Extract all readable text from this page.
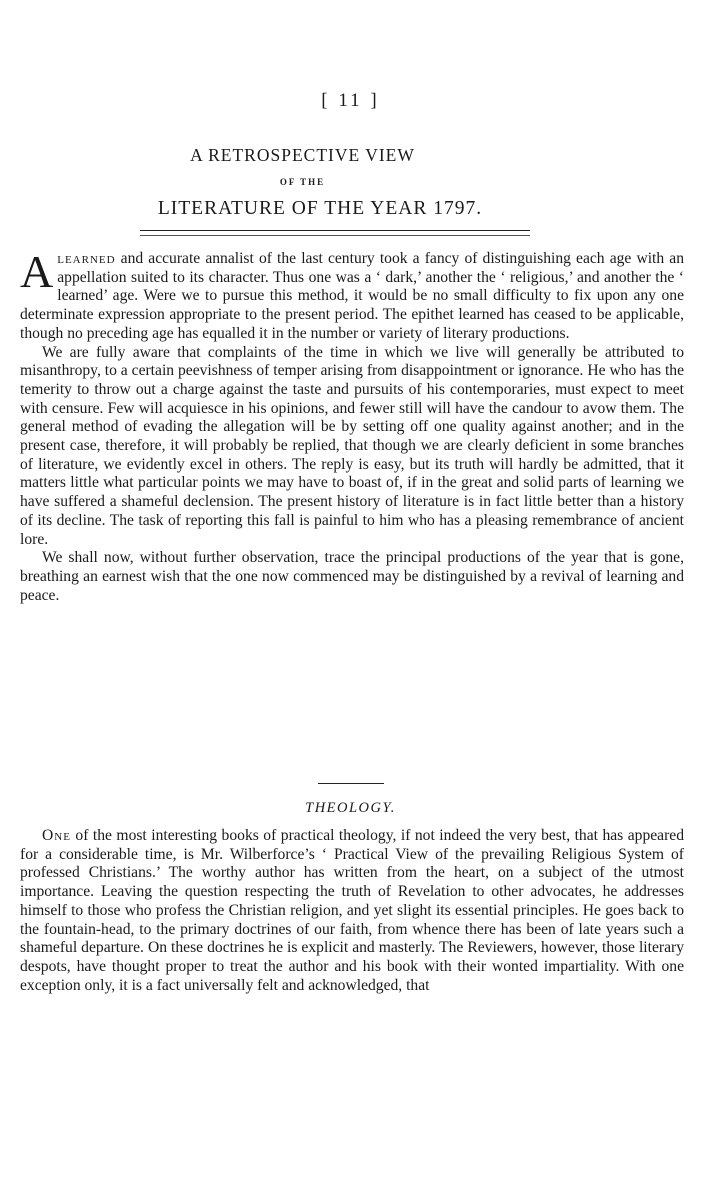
[ 11 ]
A RETROSPECTIVE VIEW
OF THE
LITERATURE OF THE YEAR 1797.

Alearned and accurate annalist of the last century took a fancy of distinguishing each age with an appellation suited to its character. Thus one was a ‘ dark,’ another the ‘ religious,’ and another the ‘ learned’ age. Were we to pursue this method, it would be no small difficulty to fix upon any one determinate expression appropriate to the present period. The epithet learned has ceased to be applicable, though no preceding age has equalled it in the number or variety of literary productions.

We are fully aware that complaints of the time in which we live will generally be attributed to misanthropy, to a certain peevishness of temper arising from disappointment or ignorance. He who has the temerity to throw out a charge against the taste and pursuits of his contemporaries, must expect to meet with censure. Few will acquiesce in his opinions, and fewer still will have the candour to avow them. The general method of evading the allegation will be by setting off one quality against another; and in the present case, therefore, it will probably be replied, that though we are clearly deficient in some branches of literature, we evidently excel in others. The reply is easy, but its truth will hardly be admitted, that it matters little what particular points we may have to boast of, if in the great and solid parts of learning we have suffered a shameful declension. The present history of literature is in fact little better than a history of its decline. The task of reporting this fall is painful to him who has a pleasing remembrance of ancient lore.

We shall now, without further observation, trace the principal productions of the year that is gone, breathing an earnest wish that the one now commenced may be distinguished by a revival of learning and peace.

THEOLOGY.

One of the most interesting books of practical theology, if not indeed the very best, that has appeared for a considerable time, is Mr. Wilberforce’s ‘ Practical View of the prevailing Religious System of professed Christians.’ The worthy author has written from the heart, on a subject of the utmost importance. Leaving the question respecting the truth of Revelation to other advocates, he addresses himself to those who profess the Christian religion, and yet slight its essential principles. He goes back to the fountain-head, to the primary doctrines of our faith, from whence there has been of late years such a shameful departure. On these doctrines he is explicit and masterly. The Reviewers, however, those literary despots, have thought proper to treat the author and his book with their wonted impartiality. With one exception only, it is a fact universally felt and acknowledged, that
